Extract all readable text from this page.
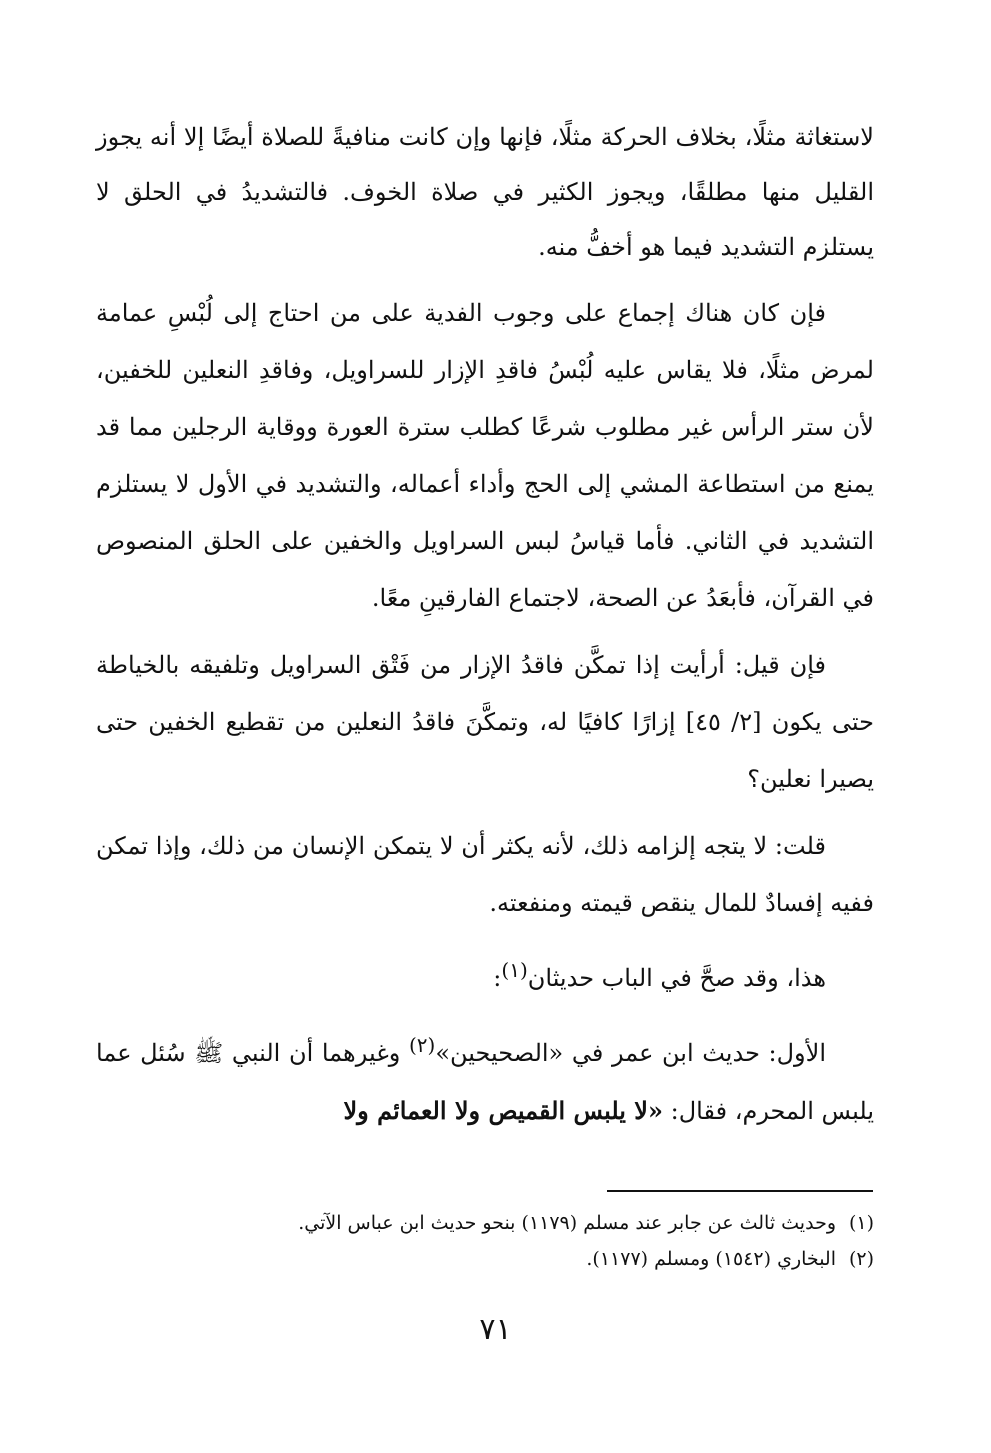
لاستغاثة مثلًا، بخلاف الحركة مثلًا، فإنها وإن كانت منافيةً للصلاة أيضًا إلا أنه يجوز القليل منها مطلقًا، ويجوز الكثير في صلاة الخوف. فالتشديدُ في الحلق لا يستلزم التشديد فيما هو أخفُّ منه.

فإن كان هناك إجماع على وجوب الفدية على من احتاج إلى لُبْسِ عمامة لمرض مثلًا، فلا يقاس عليه لُبْسُ فاقدِ الإزار للسراويل، وفاقدِ النعلين للخفين، لأن ستر الرأس غير مطلوب شرعًا كطلب سترة العورة ووقاية الرجلين مما قد يمنع من استطاعة المشي إلى الحج وأداء أعماله، والتشديد في الأول لا يستلزم التشديد في الثاني. فأما قياسُ لبس السراويل والخفين على الحلق المنصوص في القرآن، فأبعَدُ عن الصحة، لاجتماع الفارقينِ معًا.

فإن قيل: أرأيت إذا تمكَّن فاقدُ الإزار من فَتْق السراويل وتلفيقه بالخياطة حتى يكون [٢/ ٤٥] إزارًا كافيًا له، وتمكَّنَ فاقدُ النعلين من تقطيع الخفين حتى يصيرا نعلين؟

قلت: لا يتجه إلزامه ذلك، لأنه يكثر أن لا يتمكن الإنسان من ذلك، وإذا تمكن ففيه إفسادٌ للمال ينقص قيمته ومنفعته.

هذا، وقد صحَّ في الباب حديثان$^{(١)}$:

الأول: حديث ابن عمر في «الصحيحين»$^{(٢)}$ وغيرهما أن النبي ﷺ سُئل عما يلبس المحرم، فقال: «لا يلبس القميص ولا العمائم ولا

(١)وحديث ثالث عن جابر عند مسلم (١١٧٩) بنحو حديث ابن عباس الآتي.

(٢)البخاري (١٥٤٢) ومسلم (١١٧٧).

٧١
